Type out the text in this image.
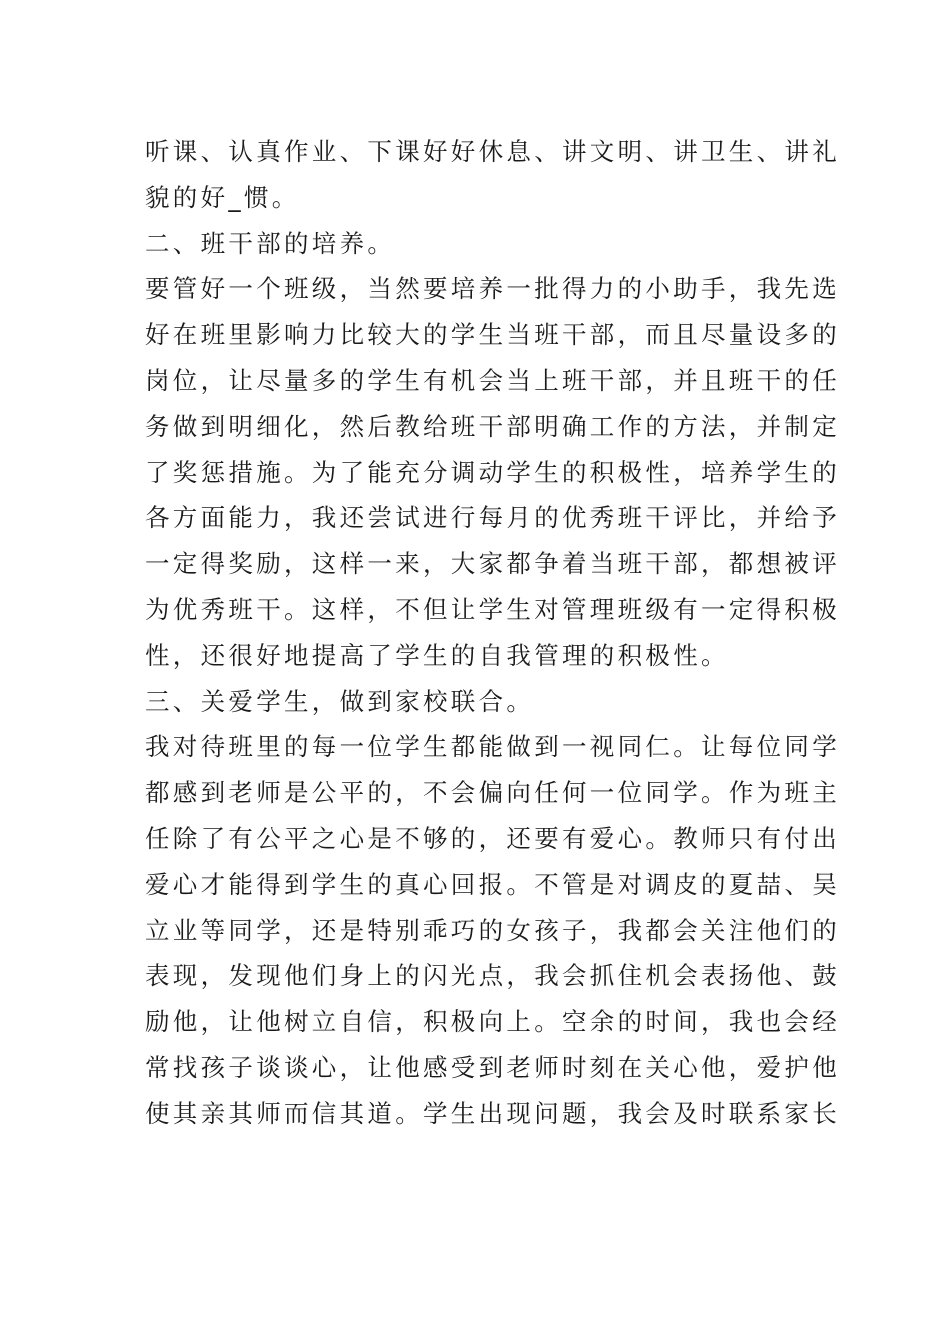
听课、认真作业、下课好好休息、讲文明、讲卫生、讲礼
貌的好_惯。
二、班干部的培养。
要管好一个班级，当然要培养一批得力的小助手，我先选
好在班里影响力比较大的学生当班干部，而且尽量设多的
岗位，让尽量多的学生有机会当上班干部，并且班干的任
务做到明细化，然后教给班干部明确工作的方法，并制定
了奖惩措施。为了能充分调动学生的积极性，培养学生的
各方面能力，我还尝试进行每月的优秀班干评比，并给予
一定得奖励，这样一来，大家都争着当班干部，都想被评
为优秀班干。这样，不但让学生对管理班级有一定得积极
性，还很好地提高了学生的自我管理的积极性。
三、关爱学生，做到家校联合。
我对待班里的每一位学生都能做到一视同仁。让每位同学
都感到老师是公平的，不会偏向任何一位同学。作为班主
任除了有公平之心是不够的，还要有爱心。教师只有付出
爱心才能得到学生的真心回报。不管是对调皮的夏喆、吴
立业等同学，还是特别乖巧的女孩子，我都会关注他们的
表现，发现他们身上的闪光点，我会抓住机会表扬他、鼓
励他，让他树立自信，积极向上。空余的时间，我也会经
常找孩子谈谈心，让他感受到老师时刻在关心他，爱护他
使其亲其师而信其道。学生出现问题，我会及时联系家长
